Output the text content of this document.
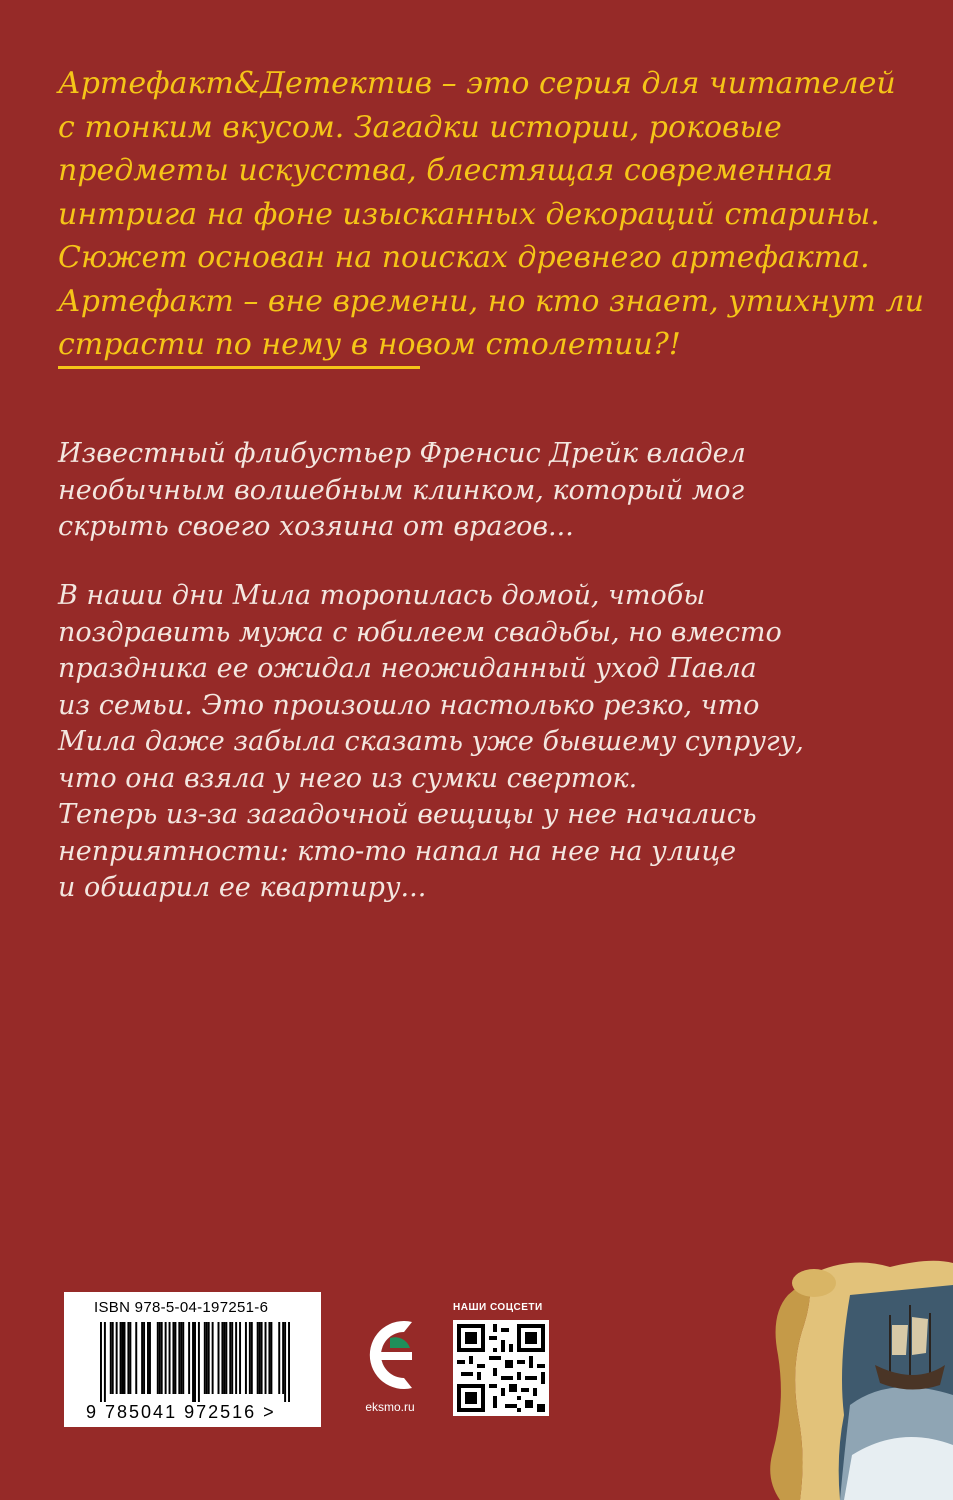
Артефакт&Детектив – это серия для читателей
с тонким вкусом. Загадки истории, роковые
предметы искусства, блестящая современная
интрига на фоне изысканных декораций старины.
Сюжет основан на поисках древнего артефакта.
Артефакт – вне времени, но кто знает, утихнут ли
страсти по нему в новом столетии?!
Известный флибустьер Френсис Дрейк владел
необычным волшебным клинком, который мог
скрыть своего хозяина от врагов...
В наши дни Мила торопилась домой, чтобы
поздравить мужа с юбилеем свадьбы, но вместо
праздника ее ожидал неожиданный уход Павла
из семьи. Это произошло настолько резко, что
Мила даже забыла сказать уже бывшему супругу,
что она взяла у него из сумки сверток.
Теперь из-за загадочной вещицы у нее начались
неприятности: кто-то напал на нее на улице
и обшарил ее квартиру...
ISBN 978-5-04-197251-6
9 785041 972516 >	eksmo.ru
НАШИ СОЦСЕТИ
